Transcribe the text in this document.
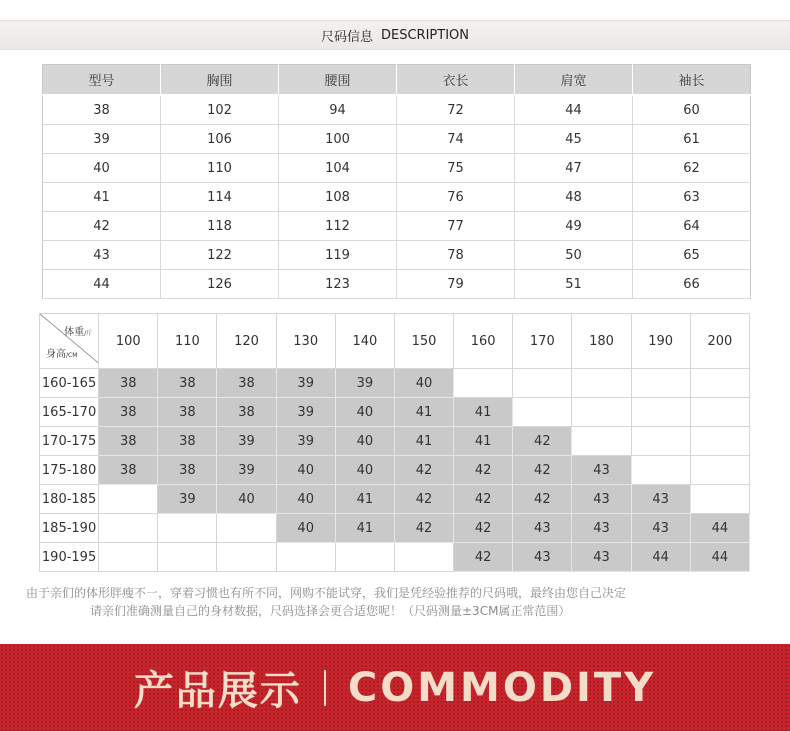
尺码信息 DESCRIPTION
型号	胸围	腰围	衣长	肩宽	袖长
38	102	94	72	44	60
39	106	100	74	45	61
40	110	104	75	47	62
41	114	108	76	48	63
42	118	112	77	49	64
43	122	119	78	50	65
44	126	123	79	51	66
体重/斤
身高/CM	100	110	120	130	140	150	160	170	180	190	200
160-165	38	38	38	39	39	40					
165-170	38	38	38	39	40	41	41				
170-175	38	38	39	39	40	41	41	42			
175-180	38	38	39	40	40	42	42	42	43		
180-185		39	40	40	41	42	42	42	43	43	
185-190				40	41	42	42	43	43	43	44
190-195							42	43	43	44	44
由于亲们的体形胖瘦不一，穿着习惯也有所不同，网购不能试穿，我们是凭经验推荐的尺码哦，最终由您自己决定
请亲们准确测量自己的身材数据，尺码选择会更合适您呢！（尺码测量±3CM属正常范围）
产品展示 COMMODITY
